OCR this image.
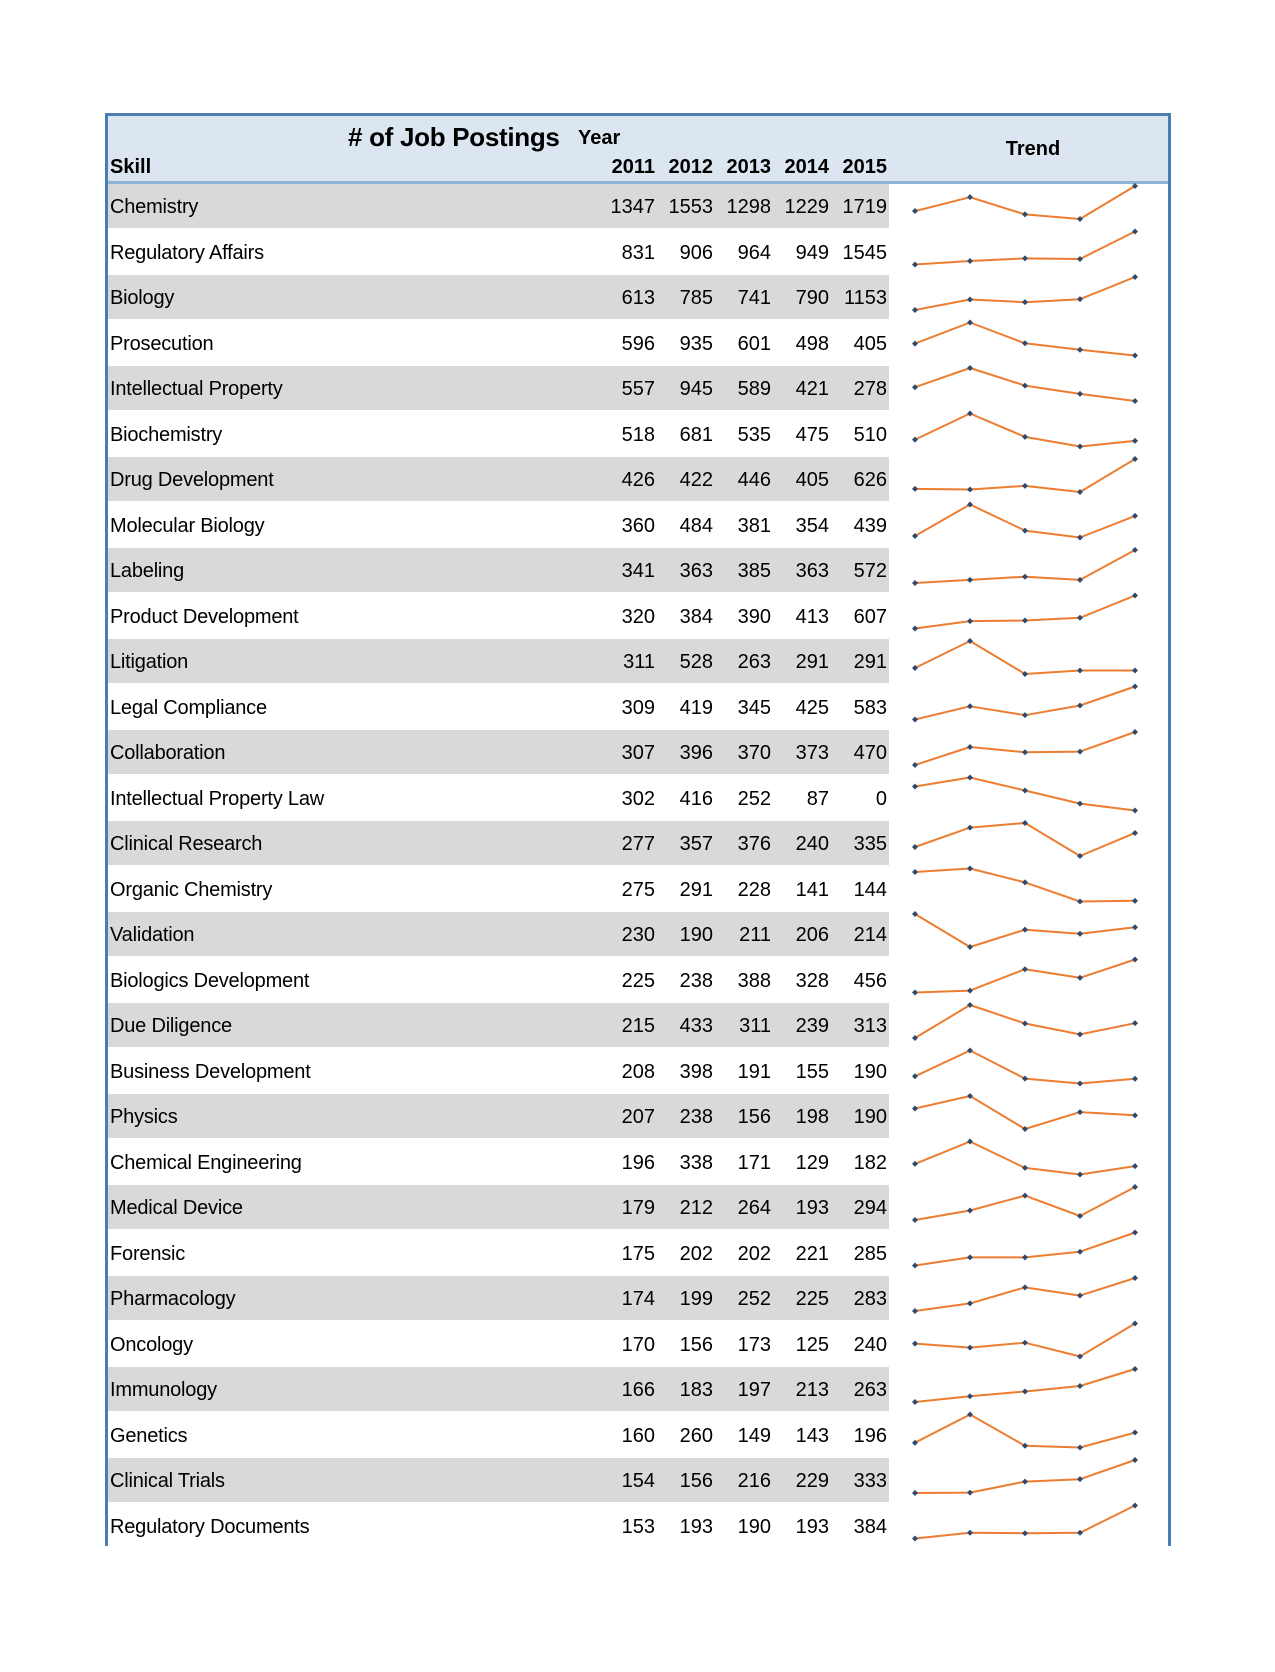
# of Job Postings Year
Skill	2011 2012 2013 2014 2015
Trend
Chemistry	1347 1553 1298 1229 1719
Regulatory Affairs	831	906	964	949 1545
Biology	613	785	741	790 1153
Prosecution	596	935	601	498	405
Intellectual Property	557	945	589	421	278
Biochemistry	518	681	535	475	510
Drug Development	426	422	446	405	626
Molecular Biology	360	484	381	354	439
Labeling	341	363	385	363	572
Product Development	320	384	390	413	607
Litigation	311	528	263	291	291
Legal Compliance	309	419	345	425	583
Collaboration	307	396	370	373	470
Intellectual Property Law	302	416	252	87	0
Clinical Research	277	357	376	240	335
Organic Chemistry	275	291	228	141	144
Validation	230	190	211	206	214
Biologics Development	225	238	388	328	456
Due Diligence	215	433	311	239	313
Business Development	208	398	191	155	190
Physics	207	238	156	198	190
Chemical Engineering	196	338	171	129	182
Medical Device	179	212	264	193	294
Forensic	175	202	202	221	285
Pharmacology	174	199	252	225	283
Oncology	170	156	173	125	240
Immunology	166	183	197	213	263
Genetics	160	260	149	143	196
Clinical Trials	154	156	216	229	333
Regulatory Documents	153	193	190	193	384
